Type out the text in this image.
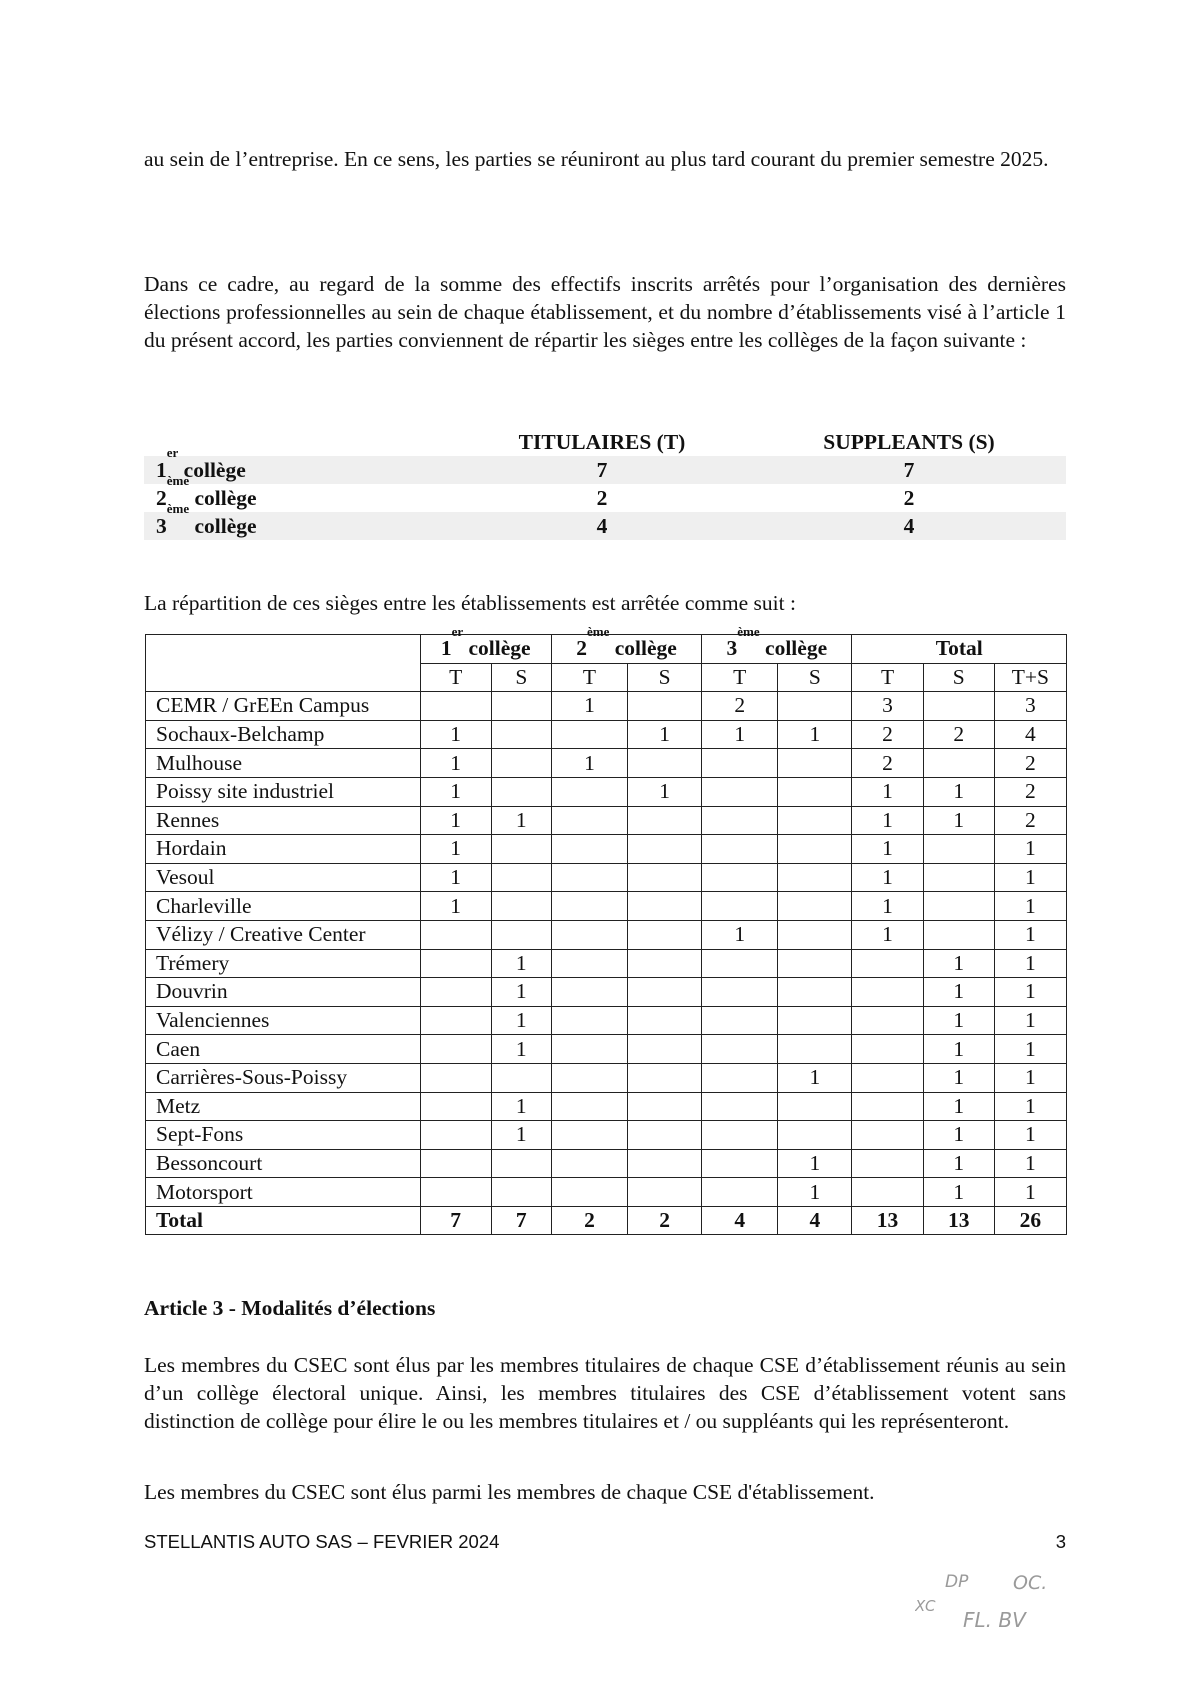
au sein de l’entreprise. En ce sens, les parties se réuniront au plus tard courant du premier semestre 2025.

Dans ce cadre, au regard de la somme des effectifs inscrits arrêtés pour l’organisation des dernières élections professionnelles au sein de chaque établissement, et du nombre d’établissements visé à l’article 1 du présent accord, les parties conviennent de répartir les sièges entre les collèges de la façon suivante :

	TITULAIRES (T)	SUPPLEANTS (S)
1er collège	7	7
2ème collège	2	2
3ème collège	4	4

La répartition de ces sièges entre les établissements est arrêtée comme suit :

	1er collège		2ème collège		3ème collège		Total		
	T	S	T	S	T	S	T	S	T+S
CEMR / GrEEn Campus			1		2		3		3
Sochaux-Belchamp	1			1	1	1	2	2	4
Mulhouse	1		1				2		2
Poissy site industriel	1			1			1	1	2
Rennes	1	1					1	1	2
Hordain	1						1		1
Vesoul	1						1		1
Charleville	1						1		1
Vélizy / Creative Center					1		1		1
Trémery		1						1	1
Douvrin		1						1	1
Valenciennes		1						1	1
Caen		1						1	1
Carrières-Sous-Poissy						1		1	1
Metz		1						1	1
Sept-Fons		1						1	1
Bessoncourt						1		1	1
Motorsport						1		1	1
Total	7	7	2	2	4	4	13	13	26
Article 3 - Modalités d’élections

Les membres du CSEC sont élus par les membres titulaires de chaque CSE d’établissement réunis au sein d’un collège électoral unique. Ainsi, les membres titulaires des CSE d’établissement votent sans distinction de collège pour élire le ou les membres titulaires et / ou suppléants qui les représenteront.

Les membres du CSEC sont élus parmi les membres de chaque CSE d'établissement.

STELLANTIS AUTO SAS – FEVRIER 2024	3
DP OC.
XC
FL. BV
